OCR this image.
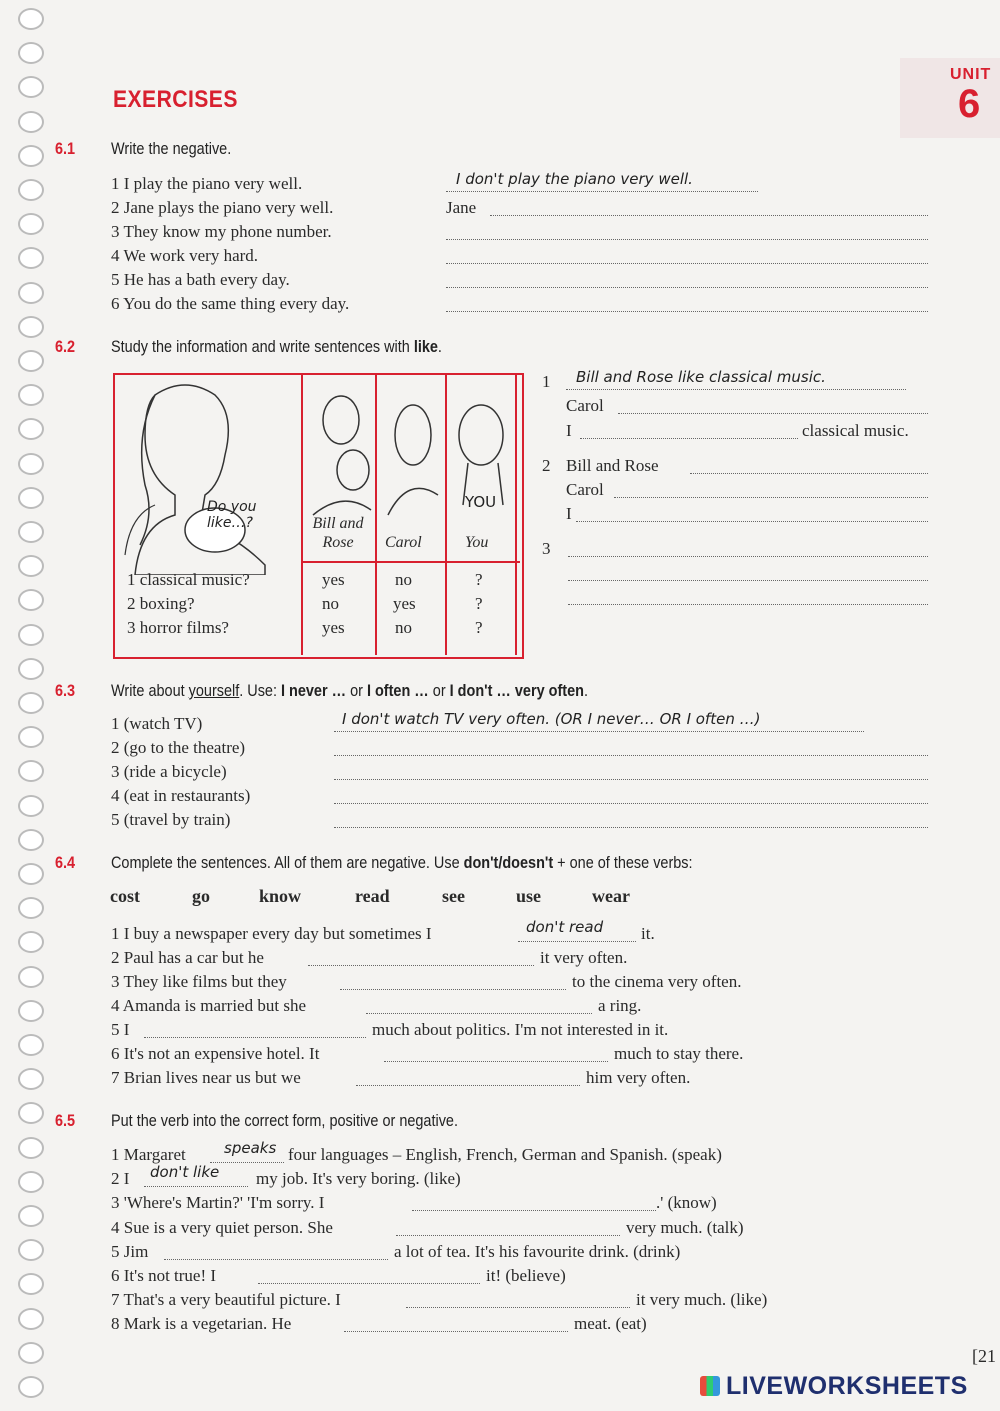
UNIT
6
EXERCISES
6.1 Write the negative.
1 I play the piano very well.	I don't play the piano very well.
2 Jane plays the piano very well.	Jane
3 They know my phone number.
4 We work very hard.
5 He has a bath every day.
6 You do the same thing every day.
6.2 Study the information and write sentences with like.
Do you like…?
YOU
Bill and Rose	Carol	You
1 classical music?	yes	no	?
2 boxing?	no	yes	?
3 horror films?	yes	no	?
1 Bill and Rose like classical music.
Carol
I	classical music.
2 Bill and Rose
Carol
I
3
6.3 Write about yourself. Use: I never … or I often … or I don't … very often.
1 (watch TV)	I don't watch TV very often. (OR I never… OR I often …)
2 (go to the theatre)
3 (ride a bicycle)
4 (eat in restaurants)
5 (travel by train)
6.4 Complete the sentences. All of them are negative. Use don't/doesn't + one of these verbs:
cost	go	know	read	see	use	wear
1 I buy a newspaper every day but sometimes I	don't read it.
2 Paul has a car but he	it very often.
3 They like films but they	to the cinema very often.
4 Amanda is married but she	a ring.
5 I	much about politics. I'm not interested in it.
6 It's not an expensive hotel. It	much to stay there.
7 Brian lives near us but we	him very often.
6.5 Put the verb into the correct form, positive or negative.
1 Margaret	speaks four languages – English, French, German and Spanish. (speak)
2 I don't like my job. It's very boring. (like)
3 'Where's Martin?' 'I'm sorry. I	.' (know)
4 Sue is a very quiet person. She	very much. (talk)
5 Jim	a lot of tea. It's his favourite drink. (drink)
6 It's not true! I	it! (believe)
7 That's a very beautiful picture. I	it very much. (like)
8 Mark is a vegetarian. He	meat. (eat)
[21
LIVEWORKSHEETS
